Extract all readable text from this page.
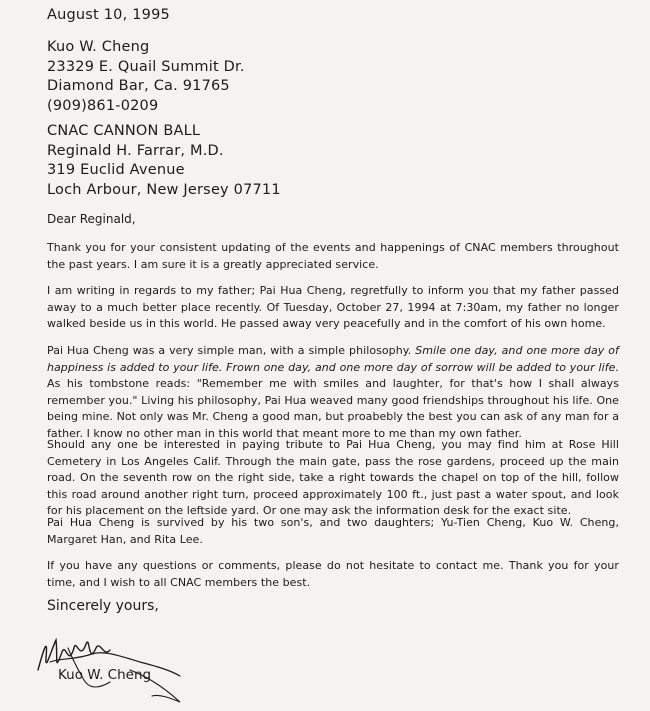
August 10, 1995
Kuo W. Cheng
23329 E. Quail Summit Dr.
Diamond Bar, Ca. 91765
(909)861-0209
CNAC CANNON BALL
Reginald H. Farrar, M.D.
319 Euclid Avenue
Loch Arbour, New Jersey 07711
Dear Reginald,
Thank you for your consistent updating of the events and happenings of CNAC members throughout the past years. I am sure it is a greatly appreciated service.
I am writing in regards to my father; Pai Hua Cheng, regretfully to inform you that my father passed away to a much better place recently. Of Tuesday, October 27, 1994 at 7:30am, my father no longer walked beside us in this world. He passed away very peacefully and in the comfort of his own home.
Pai Hua Cheng was a very simple man, with a simple philosophy. Smile one day, and one more day of happiness is added to your life. Frown one day, and one more day of sorrow will be added to your life. As his tombstone reads: "Remember me with smiles and laughter, for that's how I shall always remember you." Living his philosophy, Pai Hua weaved many good friendships throughout his life. One being mine. Not only was Mr. Cheng a good man, but proabebly the best you can ask of any man for a father. I know no other man in this world that meant more to me than my own father.
Should any one be interested in paying tribute to Pai Hua Cheng, you may find him at Rose Hill Cemetery in Los Angeles Calif. Through the main gate, pass the rose gardens, proceed up the main road. On the seventh row on the right side, take a right towards the chapel on top of the hill, follow this road around another right turn, proceed approximately 100 ft., just past a water spout, and look for his placement on the leftside yard. Or one may ask the information desk for the exact site.
Pai Hua Cheng is survived by his two son's, and two daughters; Yu-Tien Cheng, Kuo W. Cheng, Margaret Han, and Rita Lee.
If you have any questions or comments, please do not hesitate to contact me. Thank you for your time, and I wish to all CNAC members the best.
Sincerely yours,
Kuo W. Cheng
